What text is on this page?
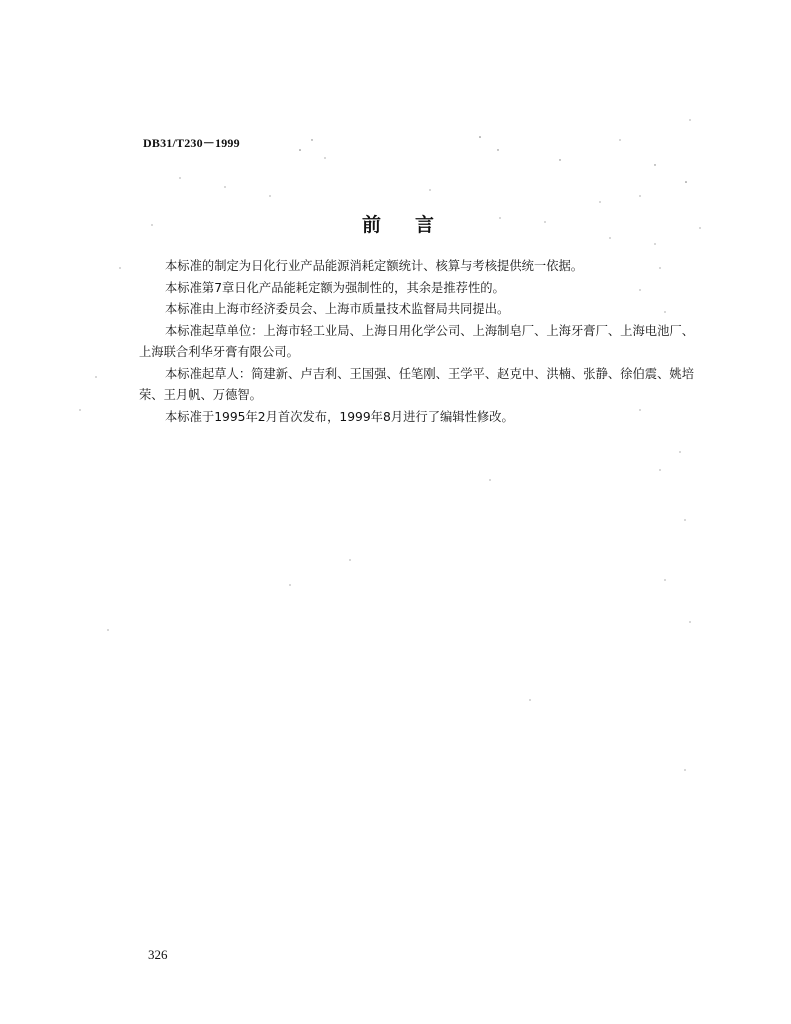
DB31/T230－1999
前言

本标准的制定为日化行业产品能源消耗定额统计、核算与考核提供统一依据。

本标准第7章日化产品能耗定额为强制性的，其余是推荐性的。

本标准由上海市经济委员会、上海市质量技术监督局共同提出。

本标准起草单位：上海市轻工业局、上海日用化学公司、上海制皂厂、上海牙膏厂、上海电池厂、上海联合利华牙膏有限公司。

本标准起草人：简建新、卢吉利、王国强、任笔刚、王学平、赵克中、洪楠、张静、徐伯震、姚培荣、王月帆、万德智。

本标准于1995年2月首次发布，1999年8月进行了编辑性修改。

326
